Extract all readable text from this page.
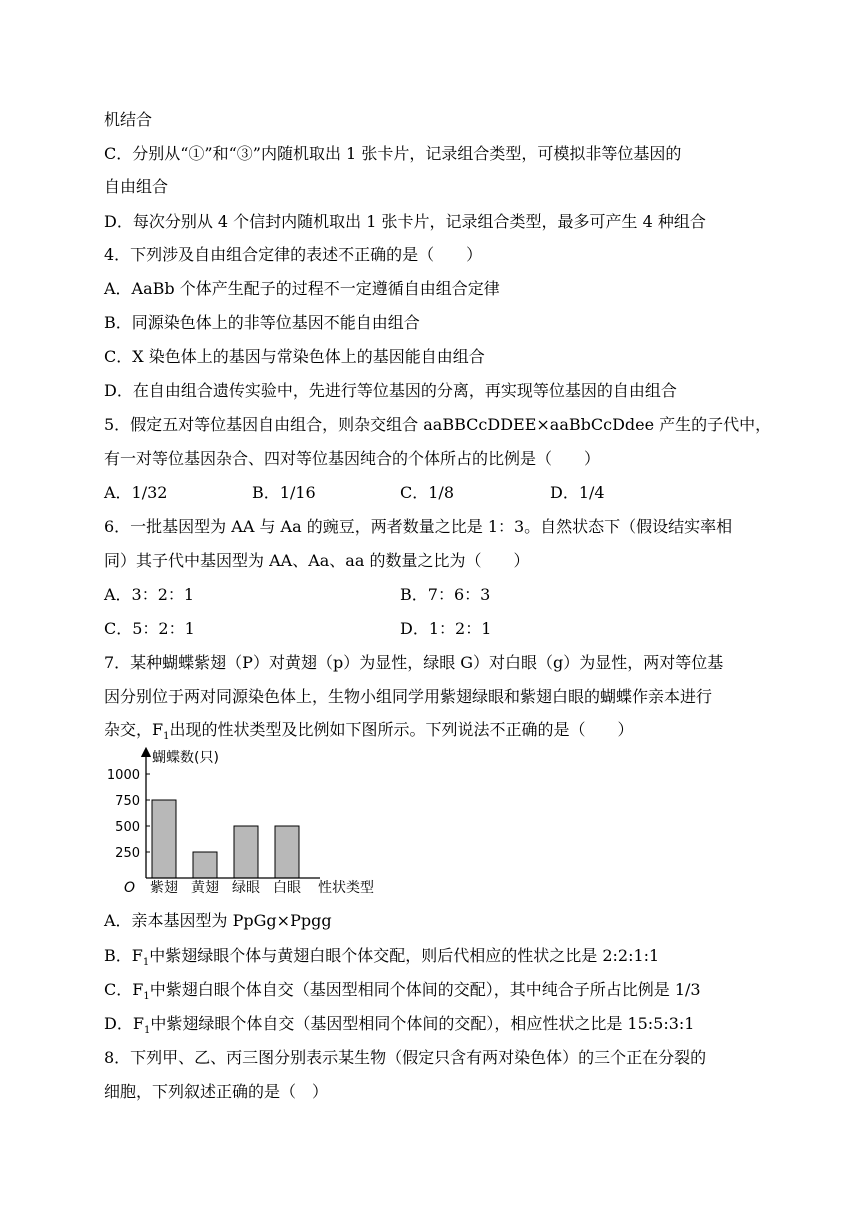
机结合
C．分别从“①”和“③”内随机取出 1 张卡片，记录组合类型，可模拟非等位基因的
自由组合
D．每次分别从 4 个信封内随机取出 1 张卡片，记录组合类型，最多可产生 4 种组合
4．下列涉及自由组合定律的表述不正确的是（　　）
A．AaBb 个体产生配子的过程不一定遵循自由组合定律
B．同源染色体上的非等位基因不能自由组合
C．X 染色体上的基因与常染色体上的基因能自由组合
D．在自由组合遗传实验中，先进行等位基因的分离，再实现等位基因的自由组合
5．假定五对等位基因自由组合，则杂交组合 aaBBCcDDEE×aaBbCcDdee 产生的子代中，
有一对等位基因杂合、四对等位基因纯合的个体所占的比例是（　　）
A．1/32	B．1/16	C．1/8	D．1/4
6．一批基因型为 AA 与 Aa 的豌豆，两者数量之比是 1：3。自然状态下（假设结实率相
同）其子代中基因型为 AA、Aa、aa 的数量之比为（　　）
A．3：2：1	B．7：6：3
C．5：2：1	D．1：2：1
7．某种蝴蝶紫翅（P）对黄翅（p）为显性，绿眼 G）对白眼（g）为显性，两对等位基
因分别位于两对同源染色体上，生物小组同学用紫翅绿眼和紫翅白眼的蝴蝶作亲本进行
杂交，$F_1$出现的性状类型及比例如下图所示。下列说法不正确的是（　　）
蝴蝶数(只)
O	性状类型
250
500
750
1000
紫翅 黄翅 绿眼 白眼
A．亲本基因型为 PpGg×Ppgg
B．$F_1$中紫翅绿眼个体与黄翅白眼个体交配，则后代相应的性状之比是 2:2:1:1
C．$F_1$中紫翅白眼个体自交（基因型相同个体间的交配），其中纯合子所占比例是 1/3
D．$F_1$中紫翅绿眼个体自交（基因型相同个体间的交配），相应性状之比是 15:5:3:1
8．下列甲、乙、丙三图分别表示某生物（假定只含有两对染色体）的三个正在分裂的
细胞，下列叙述正确的是（　）
